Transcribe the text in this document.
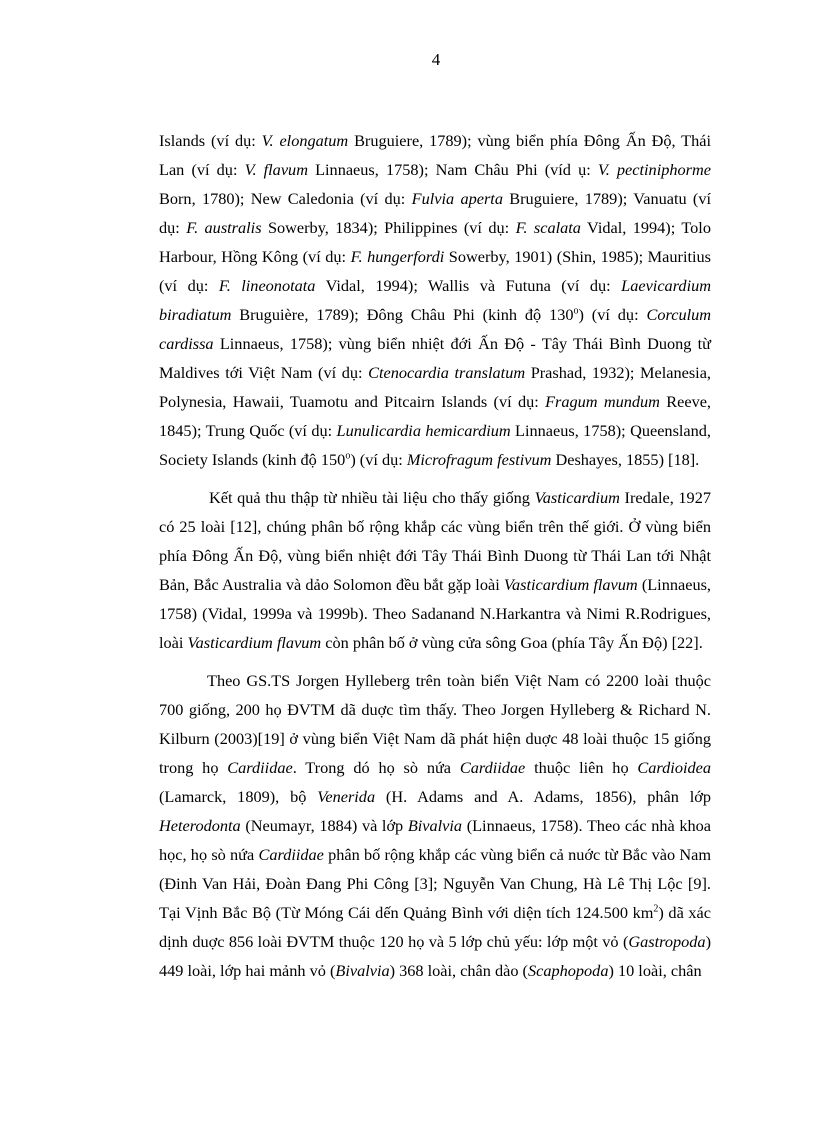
4

Islands (ví dụ: V. elongatum Bruguiere, 1789); vùng biển phía Đông Ấn Độ, Thái Lan (ví dụ: V. flavum Linnaeus, 1758); Nam Châu Phi (víd ụ: V. pectiniphorme Born, 1780); New Caledonia (ví dụ: Fulvia aperta Bruguiere, 1789); Vanuatu (ví dụ: F. australis Sowerby, 1834); Philippines (ví dụ: F. scalata Vidal, 1994); Tolo Harbour, Hồng Kông (ví dụ: F. hungerfordi Sowerby, 1901) (Shin, 1985); Mauritius (ví dụ: F. lineonotata Vidal, 1994); Wallis và Futuna (ví dụ: Laevicardium biradiatum Bruguière, 1789); Đông Châu Phi (kinh độ 130$^o$) (ví dụ: Corculum cardissa Linnaeus, 1758); vùng biển nhiệt đới Ấn Độ - Tây Thái Bình Duong từ Maldives tới Việt Nam (ví dụ: Ctenocardia translatum Prashad, 1932); Melanesia, Polynesia, Hawaii, Tuamotu and Pitcairn Islands (ví dụ: Fragum mundum Reeve, 1845); Trung Quốc (ví dụ: Lunulicardia hemicardium Linnaeus, 1758); Queensland, Society Islands (kinh độ 150$^o$) (ví dụ: Microfragum festivum Deshayes, 1855) [18].

Kết quả thu thập từ nhiều tài liệu cho thấy giống Vasticardium Iredale, 1927 có 25 loài [12], chúng phân bố rộng khắp các vùng biển trên thế giới. Ở vùng biển phía Đông Ấn Độ, vùng biển nhiệt đới Tây Thái Bình Duong từ Thái Lan tới Nhật Bản, Bắc Australia và dảo Solomon đều bắt gặp loài Vasticardium flavum (Linnaeus, 1758) (Vidal, 1999a và 1999b). Theo Sadanand N.Harkantra và Nimi R.Rodrigues, loài Vasticardium flavum còn phân bố ở vùng cửa sông Goa (phía Tây Ấn Độ) [22].

Theo GS.TS Jorgen Hylleberg trên toàn biển Việt Nam có 2200 loài thuộc 700 giống, 200 họ ĐVTM dã duợc tìm thấy. Theo Jorgen Hylleberg & Richard N. Kilburn (2003)[19] ở vùng biển Việt Nam dã phát hiện duợc 48 loài thuộc 15 giống trong họ Cardiidae. Trong dó họ sò nứa Cardiidae thuộc liên họ Cardioidea (Lamarck, 1809), bộ Venerida (H. Adams and A. Adams, 1856), phân lớp Heterodonta (Neumayr, 1884) và lớp Bivalvia (Linnaeus, 1758). Theo các nhà khoa học, họ sò nứa Cardiidae phân bố rộng khắp các vùng biển cả nuớc từ Bắc vào Nam (Đinh Van Hải, Đoàn Đang Phi Công [3]; Nguyễn Van Chung, Hà Lê Thị Lộc [9]. Tại Vịnh Bắc Bộ (Từ Móng Cái dến Quảng Bình với diện tích 124.500 $km^2$) dã xác dịnh duợc 856 loài ĐVTM thuộc 120 họ và 5 lớp chủ yếu: lớp một vỏ (Gastropoda) 449 loài, lớp hai mảnh vỏ (Bivalvia) 368 loài, chân dào (Scaphopoda) 10 loài, chân
